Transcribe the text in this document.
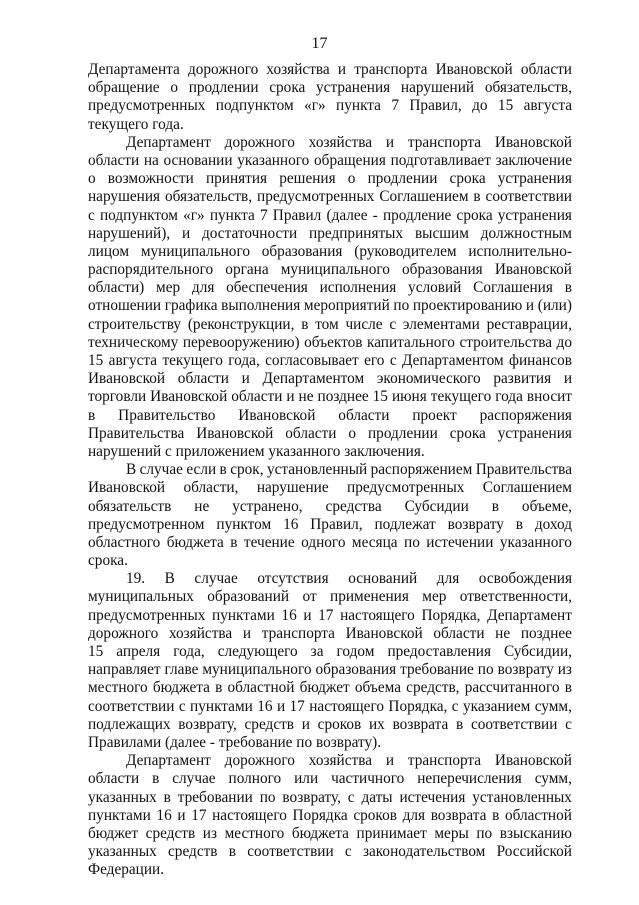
17
Департамента дорожного хозяйства и транспорта Ивановской области
обращение о продлении срока устранения нарушений обязательств,
предусмотренных подпунктом «г» пункта 7 Правил, до 15 августа
текущего года.
Департамент дорожного хозяйства и транспорта Ивановской
области на основании указанного обращения подготавливает заключение
о возможности принятия решения о продлении срока устранения
нарушения обязательств, предусмотренных Соглашением в соответствии
с подпунктом «г» пункта 7 Правил (далее - продление срока устранения
нарушений), и достаточности предпринятых высшим должностным
лицом муниципального образования (руководителем исполнительно-
распорядительного органа муниципального образования Ивановской
области) мер для обеспечения исполнения условий Соглашения в
отношении графика выполнения мероприятий по проектированию и (или)
строительству (реконструкции, в том числе с элементами реставрации,
техническому перевооружению) объектов капитального строительства до
15 августа текущего года, согласовывает его с Департаментом финансов
Ивановской области и Департаментом экономического развития и
торговли Ивановской области и не позднее 15 июня текущего года вносит
в Правительство Ивановской области проект распоряжения
Правительства Ивановской области о продлении срока устранения
нарушений с приложением указанного заключения.
В случае если в срок, установленный распоряжением Правительства
Ивановской области, нарушение предусмотренных Соглашением
обязательств не устранено, средства Субсидии в объеме,
предусмотренном пунктом 16 Правил, подлежат возврату в доход
областного бюджета в течение одного месяца по истечении указанного
срока.
19. В случае отсутствия оснований для освобождения
муниципальных образований от применения мер ответственности,
предусмотренных пунктами 16 и 17 настоящего Порядка, Департамент
дорожного хозяйства и транспорта Ивановской области не позднее
15 апреля года, следующего за годом предоставления Субсидии,
направляет главе муниципального образования требование по возврату из
местного бюджета в областной бюджет объема средств, рассчитанного в
соответствии с пунктами 16 и 17 настоящего Порядка, с указанием сумм,
подлежащих возврату, средств и сроков их возврата в соответствии с
Правилами (далее - требование по возврату).
Департамент дорожного хозяйства и транспорта Ивановской
области в случае полного или частичного неперечисления сумм,
указанных в требовании по возврату, с даты истечения установленных
пунктами 16 и 17 настоящего Порядка сроков для возврата в областной
бюджет средств из местного бюджета принимает меры по взысканию
указанных средств в соответствии с законодательством Российской
Федерации.
